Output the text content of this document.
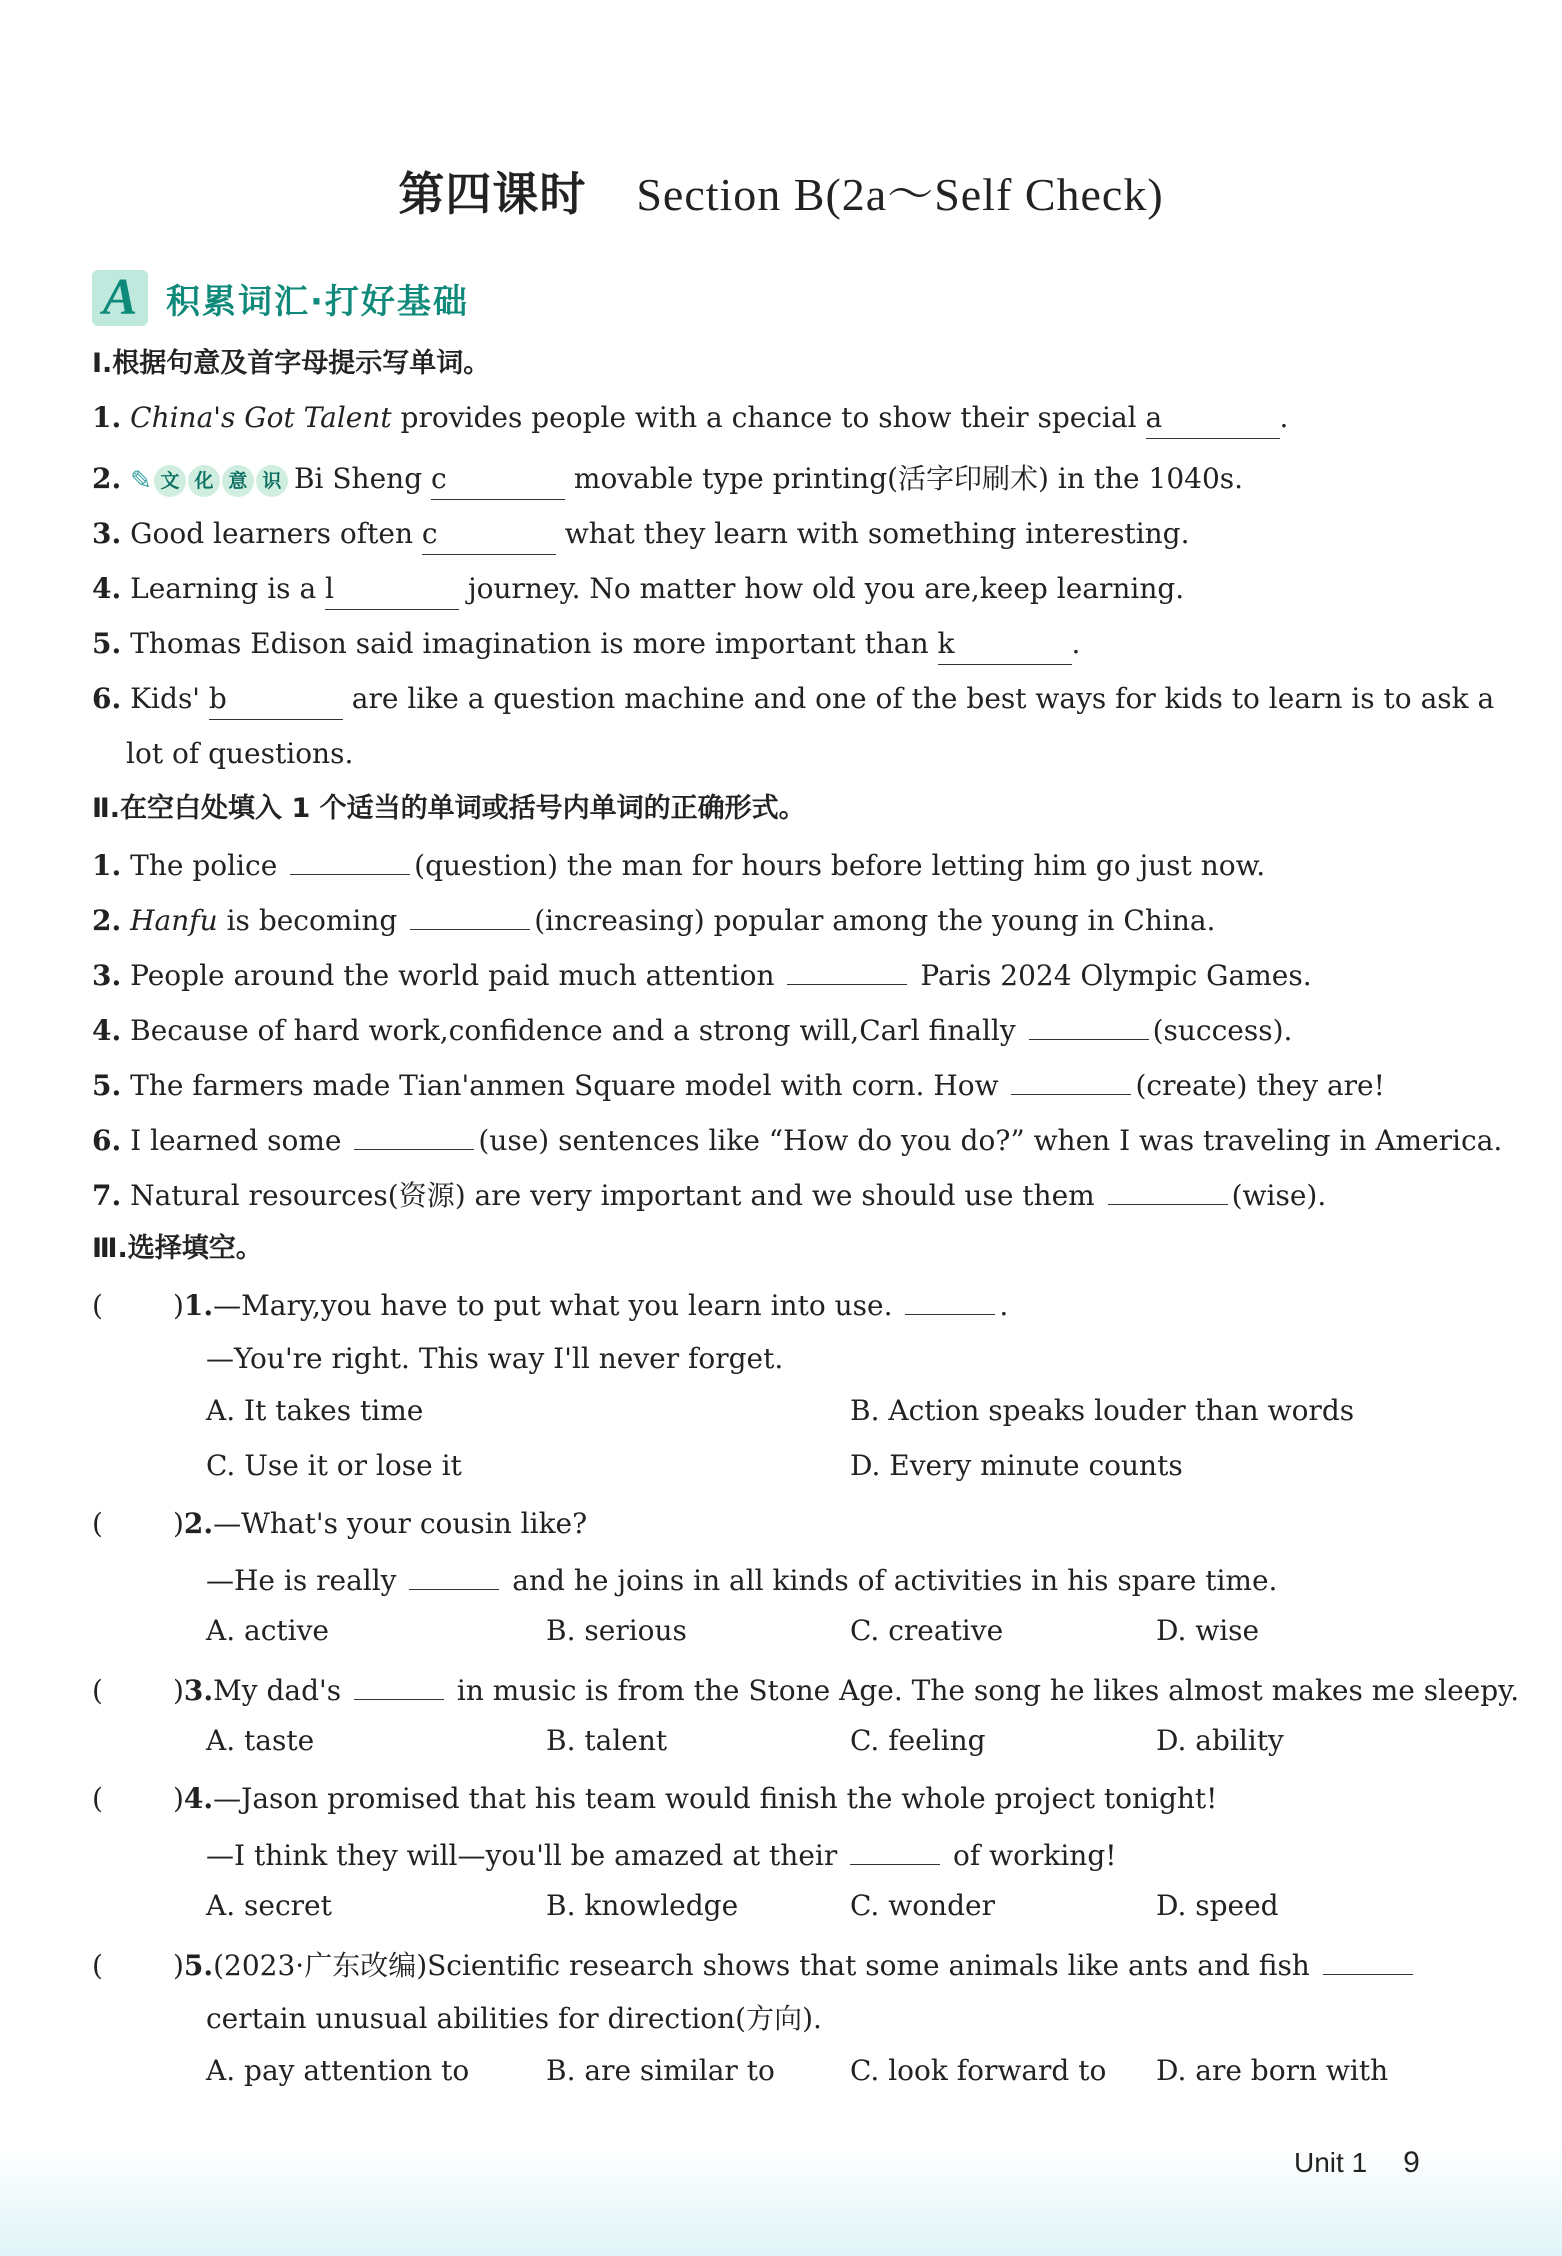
第四课时 Section B(2a～Self Check)
A 积累词汇·打好基础
Ⅰ.根据句意及首字母提示写单词。
1. China's Got Talent provides people with a chance to show their special a	.
2. ✎ 文 化 意 识 Bi Sheng c	movable type printing(活字印刷术) in the 1040s.
3. Good learners often c	what they learn with something interesting.
4. Learning is a l	journey. No matter how old you are,keep learning.
5. Thomas Edison said imagination is more important than k	.
6. Kids' b	are like a question machine and one of the best ways for kids to learn is to ask a
lot of questions.
Ⅱ.在空白处填入 1 个适当的单词或括号内单词的正确形式。
1. The police	(question) the man for hours before letting him go just now.
2. Hanfu is becoming	(increasing) popular among the young in China.
3. People around the world paid much attention	Paris 2024 Olympic Games.
4. Because of hard work,confidence and a strong will,Carl finally	(success).
5. The farmers made Tian'anmen Square model with corn. How	(create) they are!
6. I learned some	(use) sentences like “How do you do?” when I was traveling in America.
7. Natural resources(资源) are very important and we should use them	(wise).
Ⅲ.选择填空。
(	)1.—Mary,you have to put what you learn into use.	.
—You're right. This way I'll never forget.
A. It takes time	B. Action speaks louder than words
C. Use it or lose it	D. Every minute counts
(	)2.—What's your cousin like?
—He is really	and he joins in all kinds of activities in his spare time.
A. active	B. serious	C. creative	D. wise
(	)3.My dad's	in music is from the Stone Age. The song he likes almost makes me sleepy.
A. taste	B. talent	C. feeling	D. ability
(	)4.—Jason promised that his team would finish the whole project tonight!
—I think they will—you'll be amazed at their	of working!
A. secret	B. knowledge	C. wonder	D. speed
(	)5.(2023·广东改编)Scientific research shows that some animals like ants and fish
certain unusual abilities for direction(方向).
A. pay attention to	B. are similar to	C. look forward to D. are born with
Unit 1 9
